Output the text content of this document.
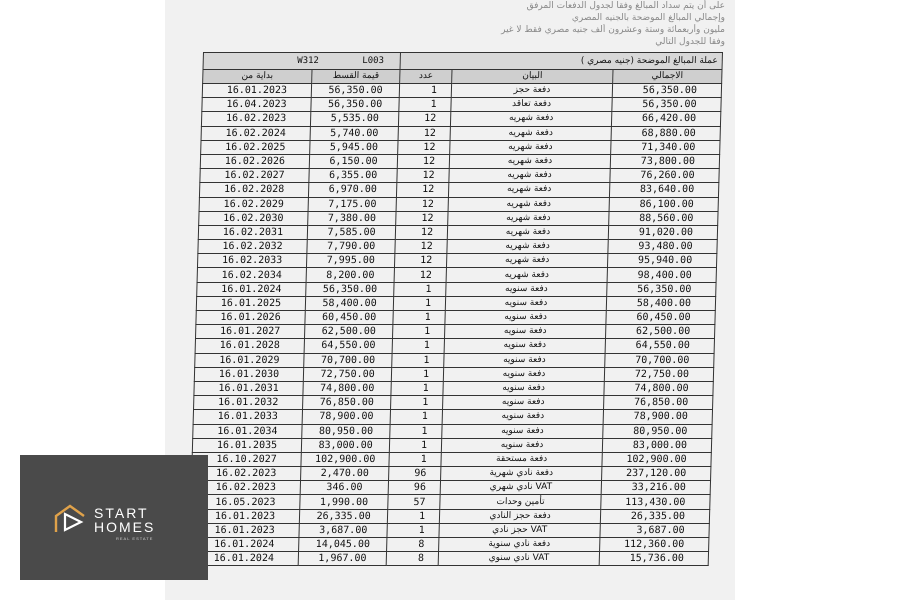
على أن يتم سداد المبالغ وفقا لجدول الدفعات المرفق
وإجمالي المبالغ الموضحة بالجنيه المصري
مليون وأربعمائة وستة وعشرون ألف جنيه مصري فقط لا غير
وفقا للجدول التالي
W312 L003		عملة المبالغ الموضحة (جنيه مصري )		
بداية من	قيمة القسط	عدد	البيان	الاجمالي
16.01.2023	56,350.00	1	دفعة حجز	56,350.00
16.04.2023	56,350.00	1	دفعة تعاقد	56,350.00
16.02.2023	5,535.00	12	دفعة شهريه	66,420.00
16.02.2024	5,740.00	12	دفعة شهريه	68,880.00
16.02.2025	5,945.00	12	دفعة شهريه	71,340.00
16.02.2026	6,150.00	12	دفعة شهريه	73,800.00
16.02.2027	6,355.00	12	دفعة شهريه	76,260.00
16.02.2028	6,970.00	12	دفعة شهريه	83,640.00
16.02.2029	7,175.00	12	دفعة شهريه	86,100.00
16.02.2030	7,380.00	12	دفعة شهريه	88,560.00
16.02.2031	7,585.00	12	دفعة شهريه	91,020.00
16.02.2032	7,790.00	12	دفعة شهريه	93,480.00
16.02.2033	7,995.00	12	دفعة شهريه	95,940.00
16.02.2034	8,200.00	12	دفعة شهريه	98,400.00
16.01.2024	56,350.00	1	دفعة سنويه	56,350.00
16.01.2025	58,400.00	1	دفعة سنويه	58,400.00
16.01.2026	60,450.00	1	دفعة سنويه	60,450.00
16.01.2027	62,500.00	1	دفعة سنويه	62,500.00
16.01.2028	64,550.00	1	دفعة سنويه	64,550.00
16.01.2029	70,700.00	1	دفعة سنويه	70,700.00
16.01.2030	72,750.00	1	دفعة سنويه	72,750.00
16.01.2031	74,800.00	1	دفعة سنويه	74,800.00
16.01.2032	76,850.00	1	دفعة سنويه	76,850.00
16.01.2033	78,900.00	1	دفعة سنويه	78,900.00
16.01.2034	80,950.00	1	دفعة سنويه	80,950.00
16.01.2035	83,000.00	1	دفعة سنويه	83,000.00
16.10.2027	102,900.00	1	دفعة مستحقة	102,900.00
16.02.2023	2,470.00	96	دفعة نادي شهرية	237,120.00
16.02.2023	346.00	96	VAT نادي شهري	33,216.00
16.05.2023	1,990.00	57	تأمين وحدات	113,430.00
16.01.2023	26,335.00	1	دفعة حجز النادي	26,335.00
16.01.2023	3,687.00	1	VAT حجز نادي	3,687.00
16.01.2024	14,045.00	8	دفعة نادي سنوية	112,360.00
16.01.2024	1,967.00	8	VAT نادي سنوي	15,736.00
START
HOMES
REAL ESTATE
